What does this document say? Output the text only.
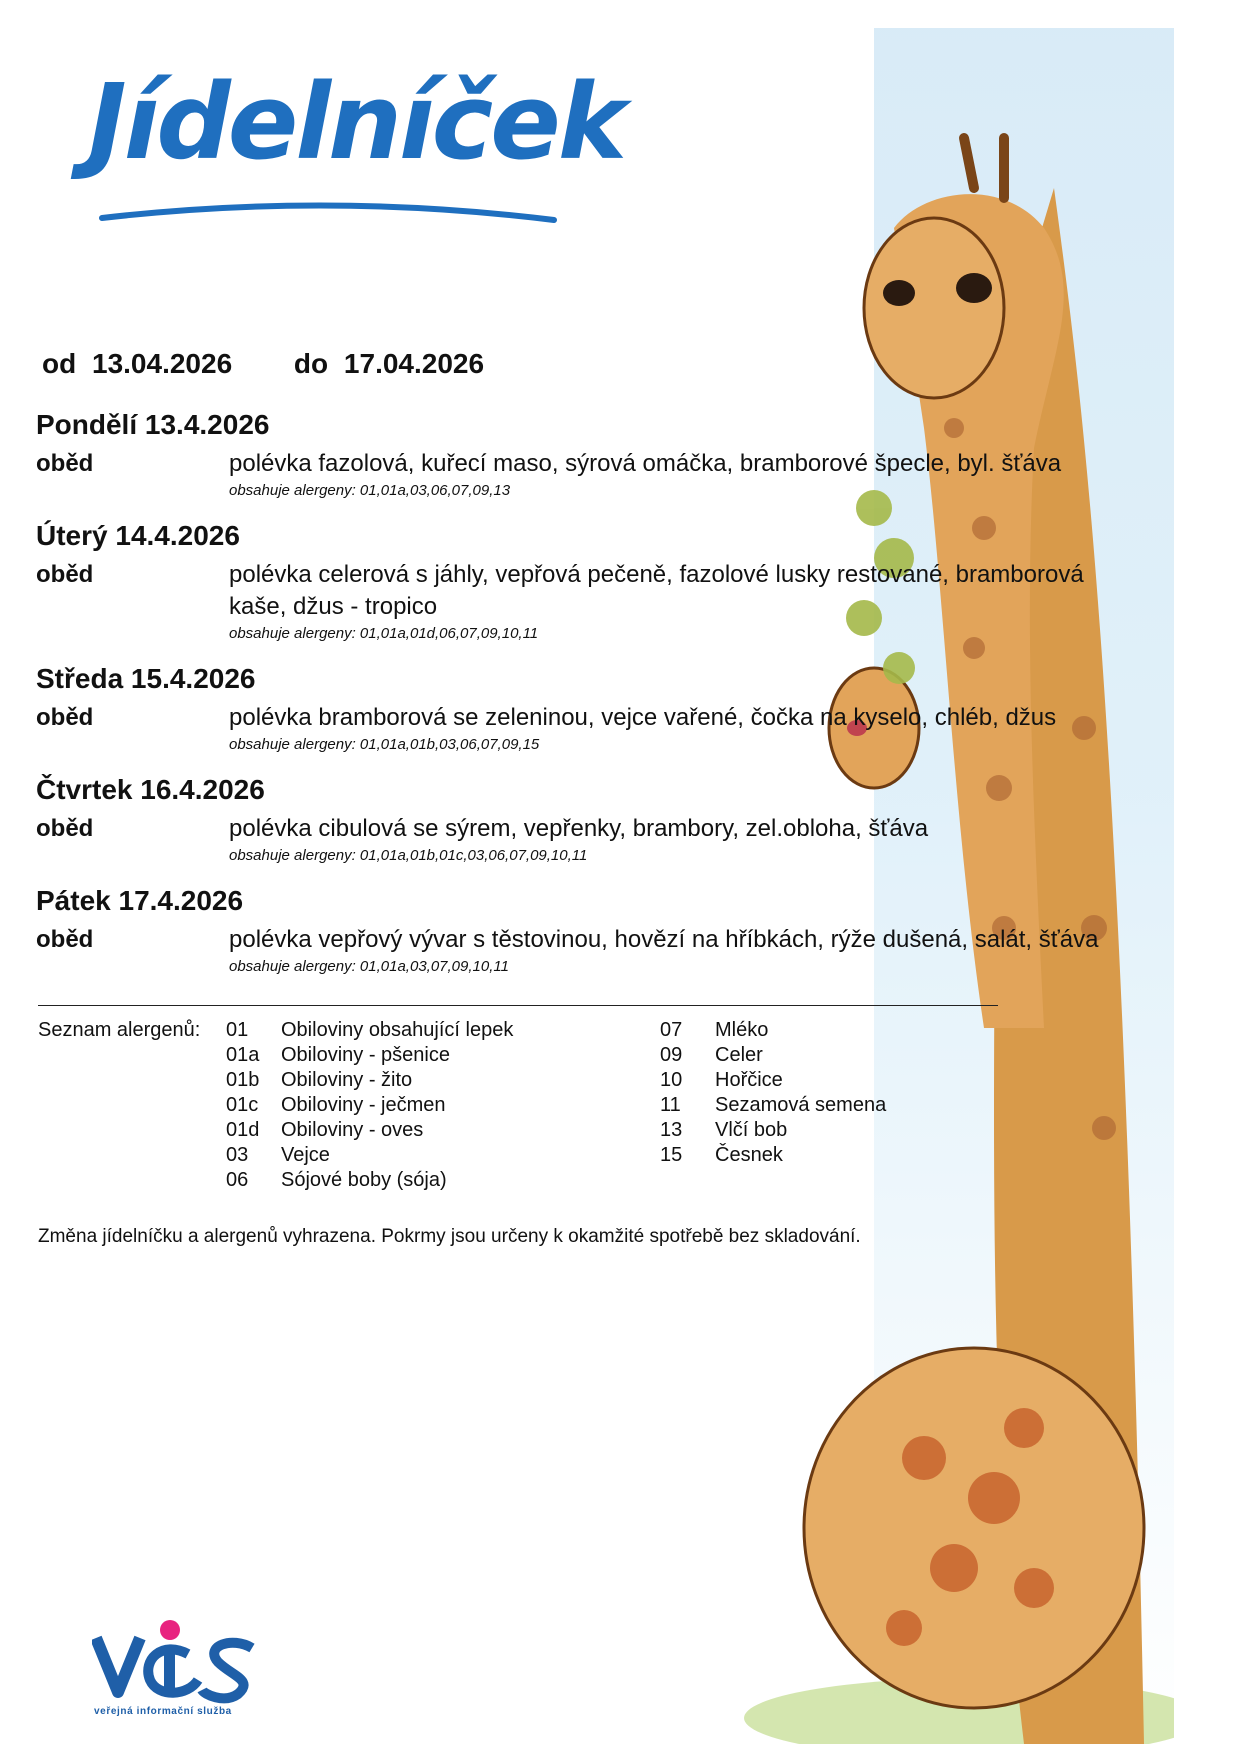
Jídelníček
od 13.04.2026 do 17.04.2026
Pondělí 13.4.2026
oběd	polévka fazolová, kuřecí maso, sýrová omáčka, bramborové špecle, byl. šťáva
obsahuje alergeny: 01,01a,03,06,07,09,13
Úterý 14.4.2026
oběd	polévka celerová s jáhly, vepřová pečeně, fazolové lusky restované, bramborová kaše, džus - tropico
obsahuje alergeny: 01,01a,01d,06,07,09,10,11
Středa 15.4.2026
oběd	polévka bramborová se zeleninou, vejce vařené, čočka na kyselo, chléb, džus
obsahuje alergeny: 01,01a,01b,03,06,07,09,15
Čtvrtek 16.4.2026
oběd	polévka cibulová se sýrem, vepřenky, brambory, zel.obloha, šťáva
obsahuje alergeny: 01,01a,01b,01c,03,06,07,09,10,11
Pátek 17.4.2026
oběd	polévka vepřový vývar s těstovinou, hovězí na hříbkách, rýže dušená, salát, šťáva
obsahuje alergeny: 01,01a,03,07,09,10,11
Seznam alergenů: 01	Obiloviny obsahující lepek
01a	Obiloviny - pšenice
01b	Obiloviny - žito
01c	Obiloviny - ječmen
01d	Obiloviny - oves
03	Vejce
06	Sójové boby (sója)
07	Mléko
09	Celer
10	Hořčice
11	Sezamová semena
13	Vlčí bob
15	Česnek
Změna jídelníčku a alergenů vyhrazena. Pokrmy jsou určeny k okamžité spotřebě bez skladování.
veřejná informační služba
